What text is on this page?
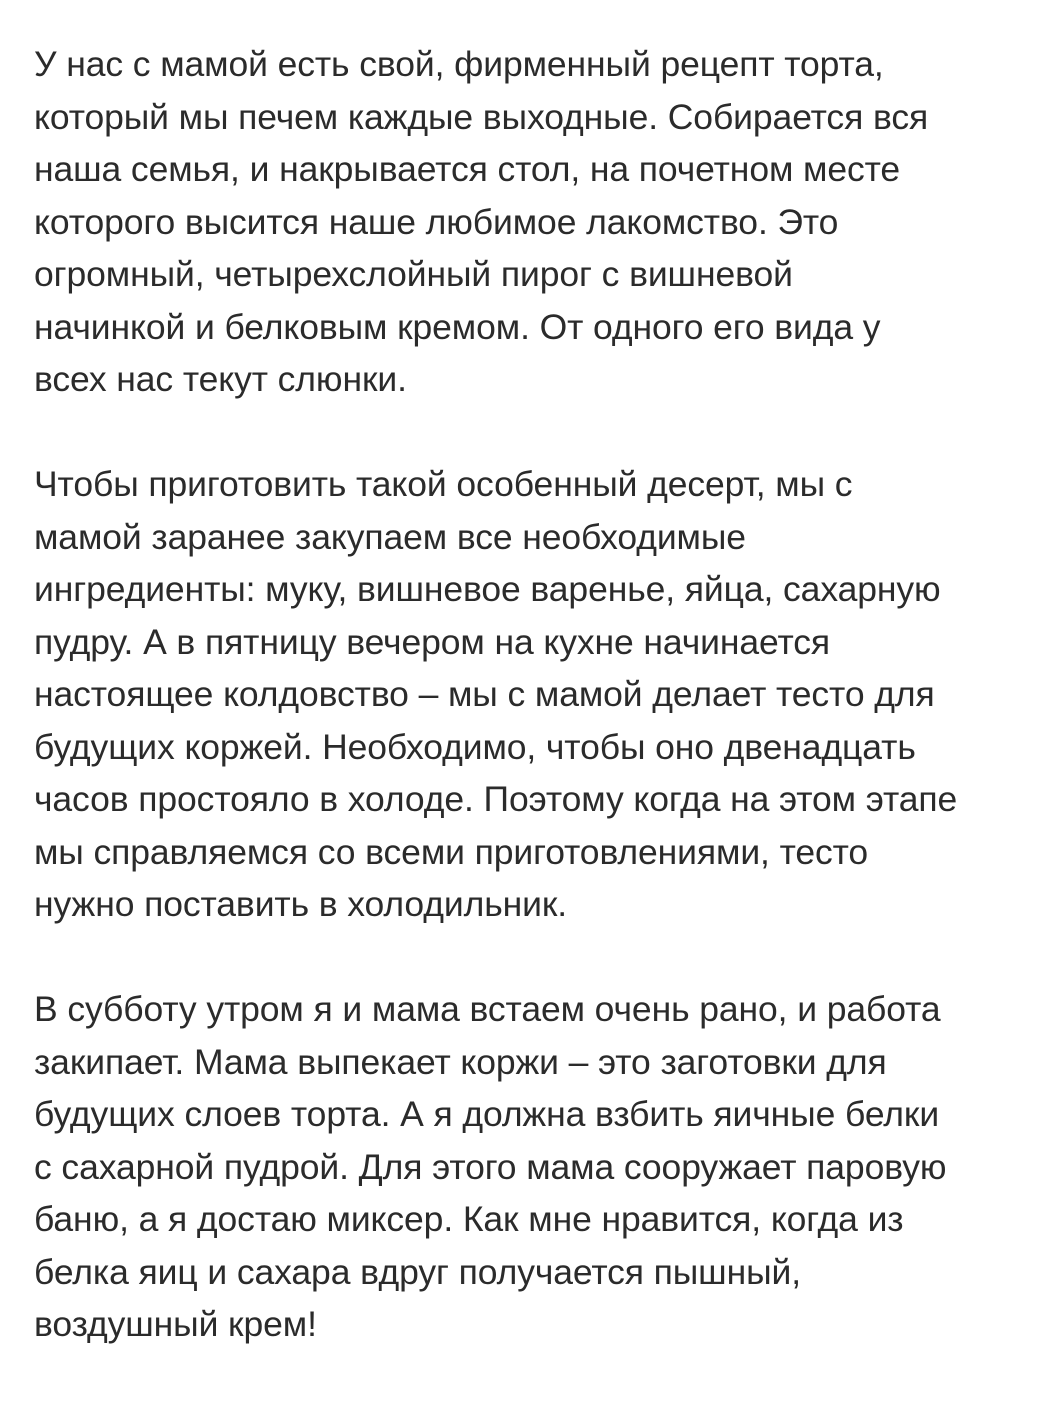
У нас с мамой есть свой, фирменный рецепт торта,
который мы печем каждые выходные. Собирается вся
наша семья, и накрывается стол, на почетном месте
которого высится наше любимое лакомство. Это
огромный, четырехслойный пирог с вишневой
начинкой и белковым кремом. От одного его вида у
всех нас текут слюнки.

Чтобы приготовить такой особенный десерт, мы с
мамой заранее закупаем все необходимые
ингредиенты: муку, вишневое варенье, яйца, сахарную
пудру. А в пятницу вечером на кухне начинается
настоящее колдовство – мы с мамой делает тесто для
будущих коржей. Необходимо, чтобы оно двенадцать
часов простояло в холоде. Поэтому когда на этом этапе
мы справляемся со всеми приготовлениями, тесто
нужно поставить в холодильник.

В субботу утром я и мама встаем очень рано, и работа
закипает. Мама выпекает коржи – это заготовки для
будущих слоев торта. А я должна взбить яичные белки
с сахарной пудрой. Для этого мама сооружает паровую
баню, а я достаю миксер. Как мне нравится, когда из
белка яиц и сахара вдруг получается пышный,
воздушный крем!
